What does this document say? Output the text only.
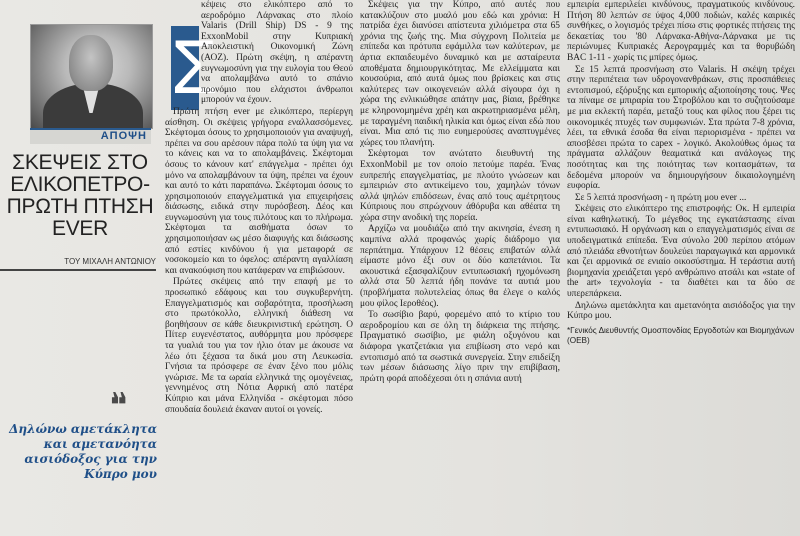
ΑΠΟΨΗ
ΣΚΕΨΕΙΣ ΣΤΟ ΕΛΙΚΟΠΕΤΡΟ- ΠΡΩΤΗ ΠΤΗΣΗ EVER
ΤΟΥ ΜΙΧΑΛΗ ΑΝΤΩΝΙΟΥ
❝
Δηλώνω αμετάκλητα και αμετανόητα αισιόδοξος για την Κύπρο μου
Σ

κέψεις στο ελικόπτερο από το αεροδρόμιο Λάρνακας στο πλοίο Valaris (Drill Ship) DS - 9 της ExxonMobil στην Κυπριακή Αποκλειστική Οικονομική Ζώνη (ΑΟΖ). Πρώτη σκέψη, η απέραντη ευγνωμοσύνη για την ευλογία του Θεού να απολαμβάνω αυτό το σπάνιο προνόμιο που ελάχιστοι άνθρωποι μπορούν να έχουν.

Πρώτη πτήση ever με ελικόπτερο, περίεργη αίσθηση. Οι σκέψεις γρήγορα εναλλασσόμενες. Σκέφτομαι όσους το χρησιμοποιούν για αναψυχή, πρέπει να σου αρέσουν πάρα πολύ τα ύψη για να το κάνεις και να το απολαμβάνεις. Σκέφτομαι όσους το κάνουν κατ' επάγγελμα - πρέπει όχι μόνο να απολαμβάνουν τα ύψη, πρέπει να έχουν και αυτό το κάτι παραπάνω. Σκέφτομαι όσους το χρησιμοποιούν επαγγελματικά για επιχειρήσεις διάσωσης, ειδικά στην πυρόσβεση. Δέος και ευγνωμοσύνη για τους πιλότους και το πλήρωμα. Σκέφτομαι τα αισθήματα όσων το χρησιμοποιήσαν ως μέσο διαφυγής και διάσωσης από εστίες κινδύνου ή για μεταφορά σε νοσοκομείο και το όφελος: απέραντη αγαλλίαση και ανακούφιση που κατάφεραν να επιβιώσουν.

Πρώτες σκέψεις από την επαφή με το προσωπικό εδάφους και του συγκυβερνήτη. Επαγγελματισμός και σοβαρότητα, προσήλωση στο πρωτόκολλο, ελληνική διάθεση να βοηθήσουν σε κάθε διευκρινιστική ερώτηση. Ο Πίτερ ευγενέστατος, αυθόρμητα μου πρόσφερε τα γυαλιά του για τον ήλιο όταν με άκουσε να λέω ότι ξέχασα τα δικά μου στη Λευκωσία. Γνήσια τα πρόσφερε σε έναν ξένο που μόλις γνώρισε. Με τα ωραία ελληνικά της ομογένειας, γεννημένος στη Νότια Αφρική από πατέρα Κύπριο και μάνα Ελληνίδα - σκέφτομαι πόσο σπουδαία δουλειά έκαναν αυτοί οι γονείς.

Σκέψεις για την Κύπρο, από αυτές που κατακλύζουν στο μυαλό μου εδώ και χρόνια: Η πατρίδα έχει διανύσει απίστευτα χιλιόμετρα στα 65 χρόνια της ζωής της. Μια σύγχρονη Πολιτεία με επίπεδα και πρότυπα εφάμιλλα των καλύτερων, με άρτια εκπαιδευμένο δυναμικό και με ασταίρευτα αποθέματα δημιουργικότητας. Με ελλείμματα και κουσούρια, από αυτά όμως που βρίσκεις και στις καλύτερες των οικογενειών αλλά σίγουρα όχι η χώρα της ενλικιώθησε απάτην μας, βίαια, βρέθηκε με κληρονομημένα χρέη και ακρωτηριασμένα μέλη, με ταραγμένη παιδική ηλικία και όμως είναι εδώ που είναι. Μια από τις πιο ευημερούσες αναπτυγμένες χώρες του πλανήτη.

Σκέφτομαι τον ανώτατο διευθυντή της ExxonMobil με τον οποίο πετούμε παρέα. Ένας ευπρεπής επαγγελματίας, με πλούτο γνώσεων και εμπειριών στο αντικείμενο του, χαμηλών τόνων αλλά ψηλών επιδόσεων, ένας από τους αμέτρητους Κύπριους που σπρώχνουν άθόρυβα και αθέατα τη χώρα στην ανοδική της πορεία.

Αρχίζω να μουδιάζω από την ακινησία, ένεση η καμπίνα αλλά προφανώς χωρίς διάδρομο για περπάτημα. Υπάρχουν 12 θέσεις επιβατών αλλά είμαστε μόνο έξι συν οι δύο καπετάνιοι. Τα ακουστικά εξασφαλίζουν εντυπωσιακή ηχομόνωση αλλά στα 50 λεπτά ήδη πονάνε τα αυτιά μου (προβλήματα πολυτελείας όπως θα έλεγε ο καλός μου φίλος Ιεροθέος).

Το σωσίβιο βαρύ, φορεμένο από το κτίριο του αεροδρομίου και σε όλη τη διάρκεια της πτήσης. Πραγματικό σωσίβιο, με φιάλη οξυγόνου και διάφορα γκατζετάκια για επιβίωση στο νερό και εντοπισμό από τα σωστικά συνεργεία. Στην επιδείξη των μέσων διάσωσης λίγο πριν την επιβίβαση, πρώτη φορά αποδέχεσαι ότι η σπάνια αυτή

εμπειρία εμπεριλείει κινδύνους, πραγματικούς κινδύνους. Πτήση 80 λεπτών σε ύψος 4,000 ποδιών, καλές καιρικές συνθήκες, ο λογισμός τρέχει πίσω στις φορτικές πτήσεις της δεκαετίας του '80 Λάρνακα-Αθήνα-Λάρνακα με τις περιώνυμες Κυπριακές Αερογραμμές και τα θορυβώδη BAC 1-11 - χωρίς τις μπίρες όμως.

Σε 15 λεπτά προσνήωση στο Valaris. Η σκέψη τρέχει στην περιπέτεια των υδρογονανθράκων, στις προσπάθειες εντοπισμού, εξόρυξης και εμπορικής αξιοποίησης τους. Ψες τα πίναμε σε μπιραρία του Στροβόλου και το συζητούσαμε με μια εκλεκτή παρέα, μεταξύ τους και φίλος που ξέρει τις οικονομικές πτυχές των συμφωνιών. Στα πρώτα 7-8 χρόνια, λέει, τα εθνικά έσοδα θα είναι περιορισμένα - πρέπει να αποσβέσει πρώτα το capex - λογικό. Ακολούθως όμως τα πράγματα αλλάζουν θεαματικά και ανάλογως της ποσότητας και της ποιότητας των κοιτασμάτων, τα δεδομένα μπορούν να δημιουργήσουν δικαιολογημένη ευφορία.

Σε 5 λεπτά προσνήωση - η πρώτη μου ever ...

Σκέψεις στο ελικόπτερο της επιστροφής: Οκ. Η εμπειρία είναι καθηλωτική. Το μέγεθος της εγκατάστασης είναι εντυπωσιακό. Η οργάνωση και ο επαγγελματισμός είναι σε υποδειγματικά επίπεδα. Ένα σύνολο 200 περίπου ατόμων από πλειάδα εθνοτήτων δουλεύει παραγωγικά και αρμονικά και ζει αρμονικά σε ενιαίο οικοσύστημα. Η τεράστια αυτή βιομηχανία χρειάζεται γερό ανθρώπινο ατσάλι και «state of the art» τεχνολογία - τα διαθέτει και τα δύο σε υπερεπάρκεια.

Δηλώνω αμετάκλητα και αμετανόητα αισιόδοξος για την Κύπρο μου.

*Γενικός Διευθυντής Ομοσπονδίας Εργοδοτών και Βιομηχάνων (ΟΕΒ)
